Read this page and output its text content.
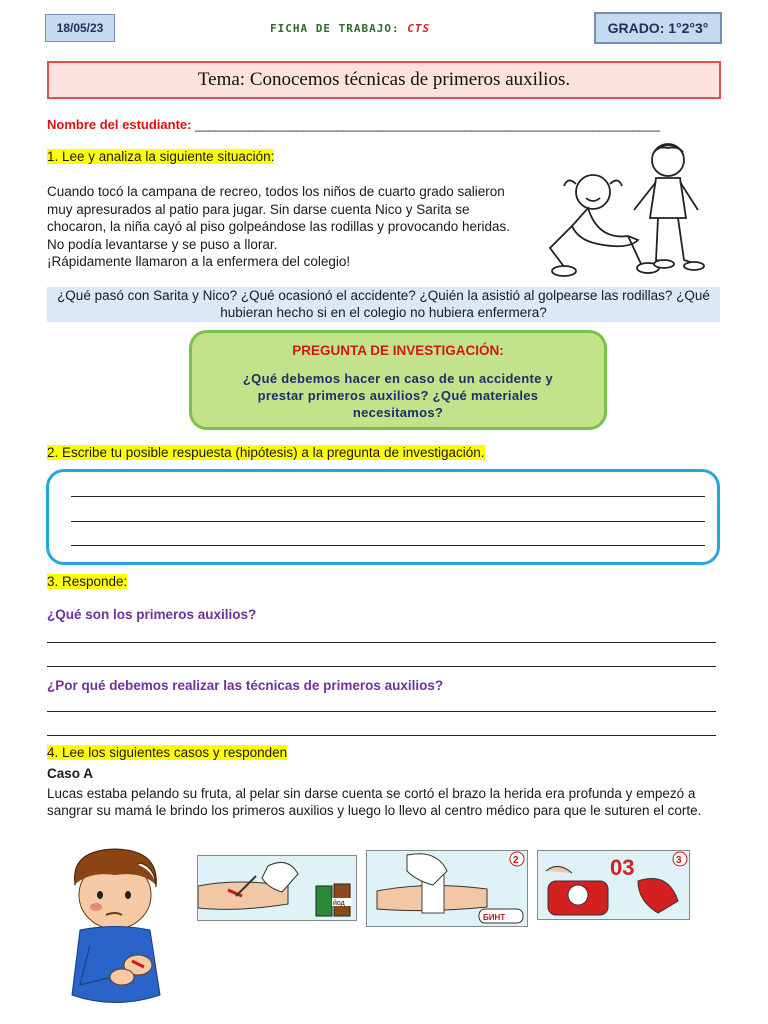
18/05/23	FICHA DE TRABAJO: CTS	GRADO: 1°2°3°
Tema: Conocemos técnicas de primeros auxilios.
Nombre del estudiante: _____________________________________________________________________
1. Lee y analiza la siguiente situación:
Cuando tocó la campana de recreo, todos los niños de cuarto grado salieron muy apresurados al patio para jugar. Sin darse cuenta Nico y Sarita se chocaron, la niña cayó al piso golpeándose las rodillas y provocando heridas. No podía levantarse y se puso a llorar.
¡Rápidamente llamaron a la enfermera del colegio!
¿Qué pasó con Sarita y Nico? ¿Qué ocasionó el accidente? ¿Quién la asistió al golpearse las rodillas? ¿Qué hubieran hecho si en el colegio no hubiera enfermera?
PREGUNTA DE INVESTIGACIÓN:
¿Qué debemos hacer en caso de un accidente y prestar primeros auxilios? ¿Qué materiales necesitamos?
2. Escribe tu posible respuesta (hipótesis) a la pregunta de investigación.
3. Responde:
¿Qué son los primeros auxilios?
¿Por qué debemos realizar las técnicas de primeros auxilios?
4. Lee los siguientes casos y responden
Caso A
Lucas estaba pelando su fruta, al pelar sin darse cuenta se cortó el brazo la herida era profunda y empezó a sangrar su mamá le brindo los primeros auxilios y luego lo llevo al centro médico para que le suturen el corte.
йод
БИНТ
2	03	3
